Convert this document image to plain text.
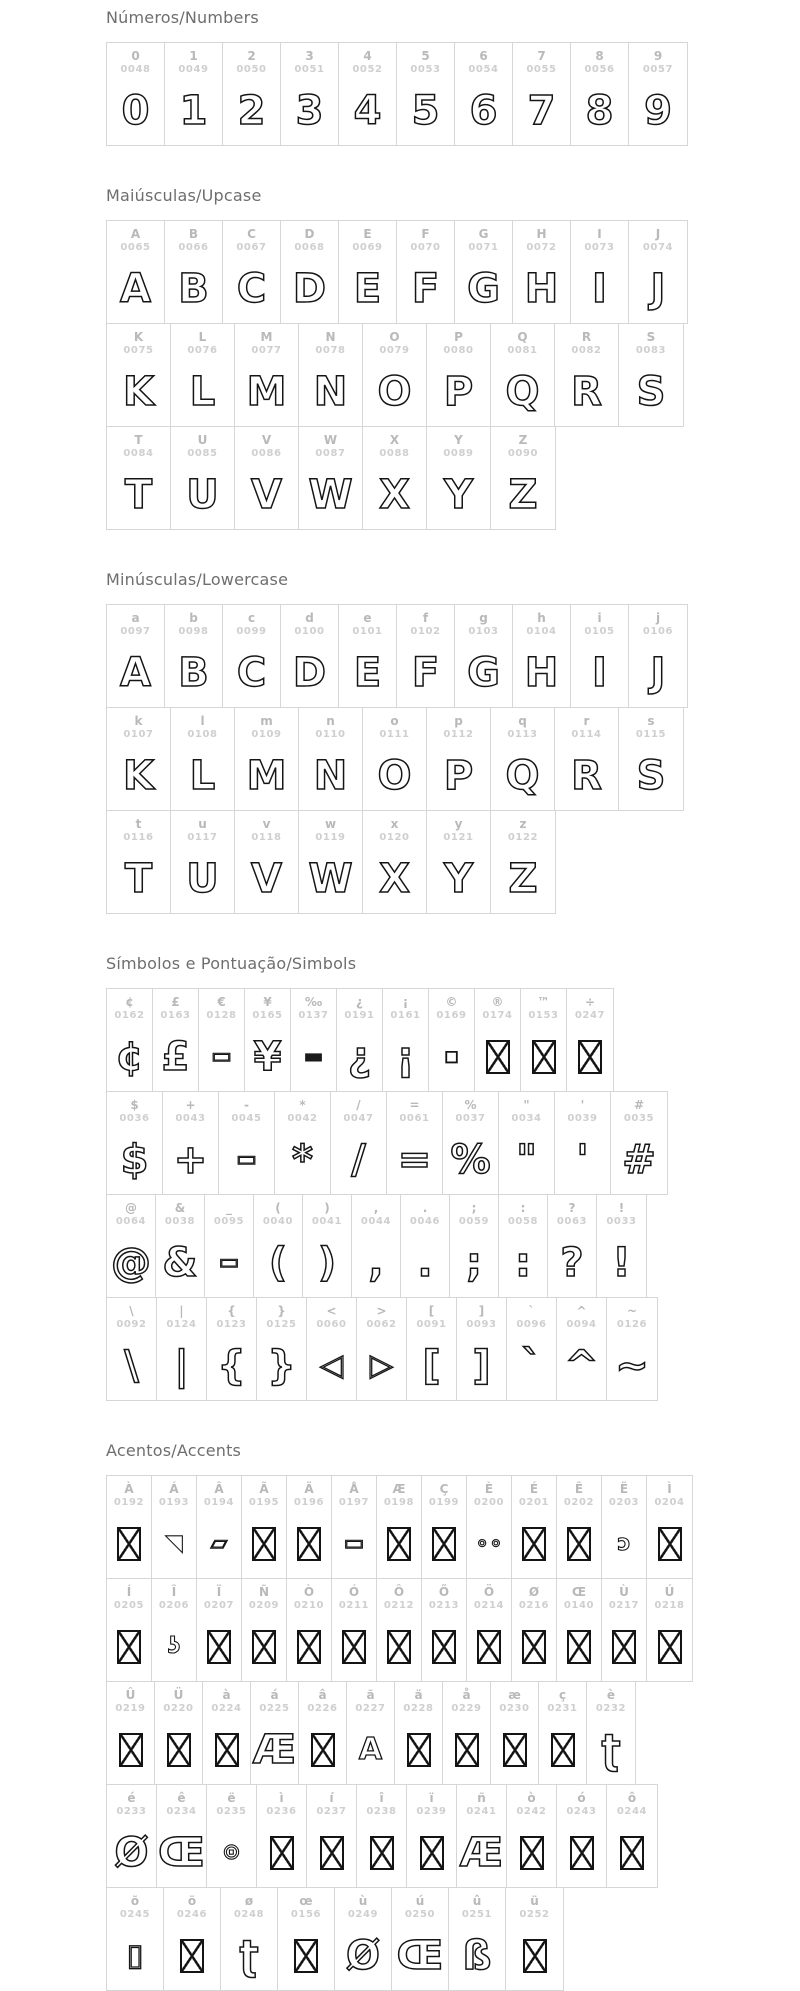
Números/Numbers
0
0048
0
1
0049
1
2
0050
2
3
0051
3
4
0052
4
5
0053
5
6
0054
6
7
0055
7
8
0056
8
9
0057
9
Maiúsculas/Upcase
A
0065
A
B
0066
B
C
0067
C
D
0068
D
E
0069
E
F
0070
F
G
0071
G
H
0072
H
I
0073
I
J
0074
J
K
0075
K
L
0076
L
M
0077
M
N
0078
N
O
0079
O
P
0080
P
Q
0081
Q
R
0082
R
S
0083
S
T
0084
T
U
0085
U
V
0086
V
W
0087
W
X
0088
X
Y
0089
Y
Z
0090
Z
Minúsculas/Lowercase
a
0097
A
b
0098
B
c
0099
C
d
0100
D
e
0101
E
f
0102
F
g
0103
G
h
0104
H
i
0105
I
j
0106
J
k
0107
K
l
0108
L
m
0109
M
n
0110
N
o
0111
O
p
0112
P
q
0113
Q
r
0114
R
s
0115
S
t
0116
T
u
0117
U
v
0118
V
w
0119
W
x
0120
X
y
0121
Y
z
0122
Z
Símbolos e Pontuação/Simbols
¢
0162
¢
£
0163
£
€
0128
▭
¥
0165
¥
‰
0137
▬
¿
0191
¿
¡
0161
¡
©
0169
□
®
0174
™
0153
÷
0247
$
0036
$
+
0043
+
-
0045
▭
*
0042
*
/
0047
/
=
0061
=
%
0037
%
"
0034
"
'
0039
'
#
0035
#
@
0064
@
&
0038
&
_
0095
▭
(
0040
(
)
0041
)
,
0044
,
.
0046
.
;
0059
;
:
0058
:
?
0063
?
!
0033
!
\
0092
\
|
0124
|
{
0123
{
}
0125
}
<
0060
◁
>
0062
▷
[
0091
[
]
0093
]
`
0096
`
^
0094
^
~
0126
~
Acentos/Accents
À
0192
Á
0193
◥
Â
0194
▱
Ã
0195
Ä
0196
Å
0197
▭
Æ
0198
Ç
0199
È
0200
∘∘
É
0201
Ê
0202
Ë
0203
ɔ
Ì
0204
Í
0205
Î
0206
ʖ
Ï
0207
Ñ
0209
Ò
0210
Ó
0211
Ô
0212
Õ
0213
Ö
0214
Ø
0216
Œ
0140
Ù
0217
Ú
0218
Û
0219
Ü
0220
à
0224
á
0225
Æ
â
0226
ã
0227
A
ä
0228
å
0229
æ
0230
ç
0231
è
0232
ʈ
é
0233
Ø
ê
0234
Œ
ë
0235
⊙
ì
0236
í
0237
î
0238
ï
0239
ñ
0241
Æ
ò
0242
ó
0243
ô
0244
õ
0245
▯
ö
0246
ø
0248
ʈ
œ
0156
ù
0249
Ø
ú
0250
Œ
û
0251
ß
ü
0252
